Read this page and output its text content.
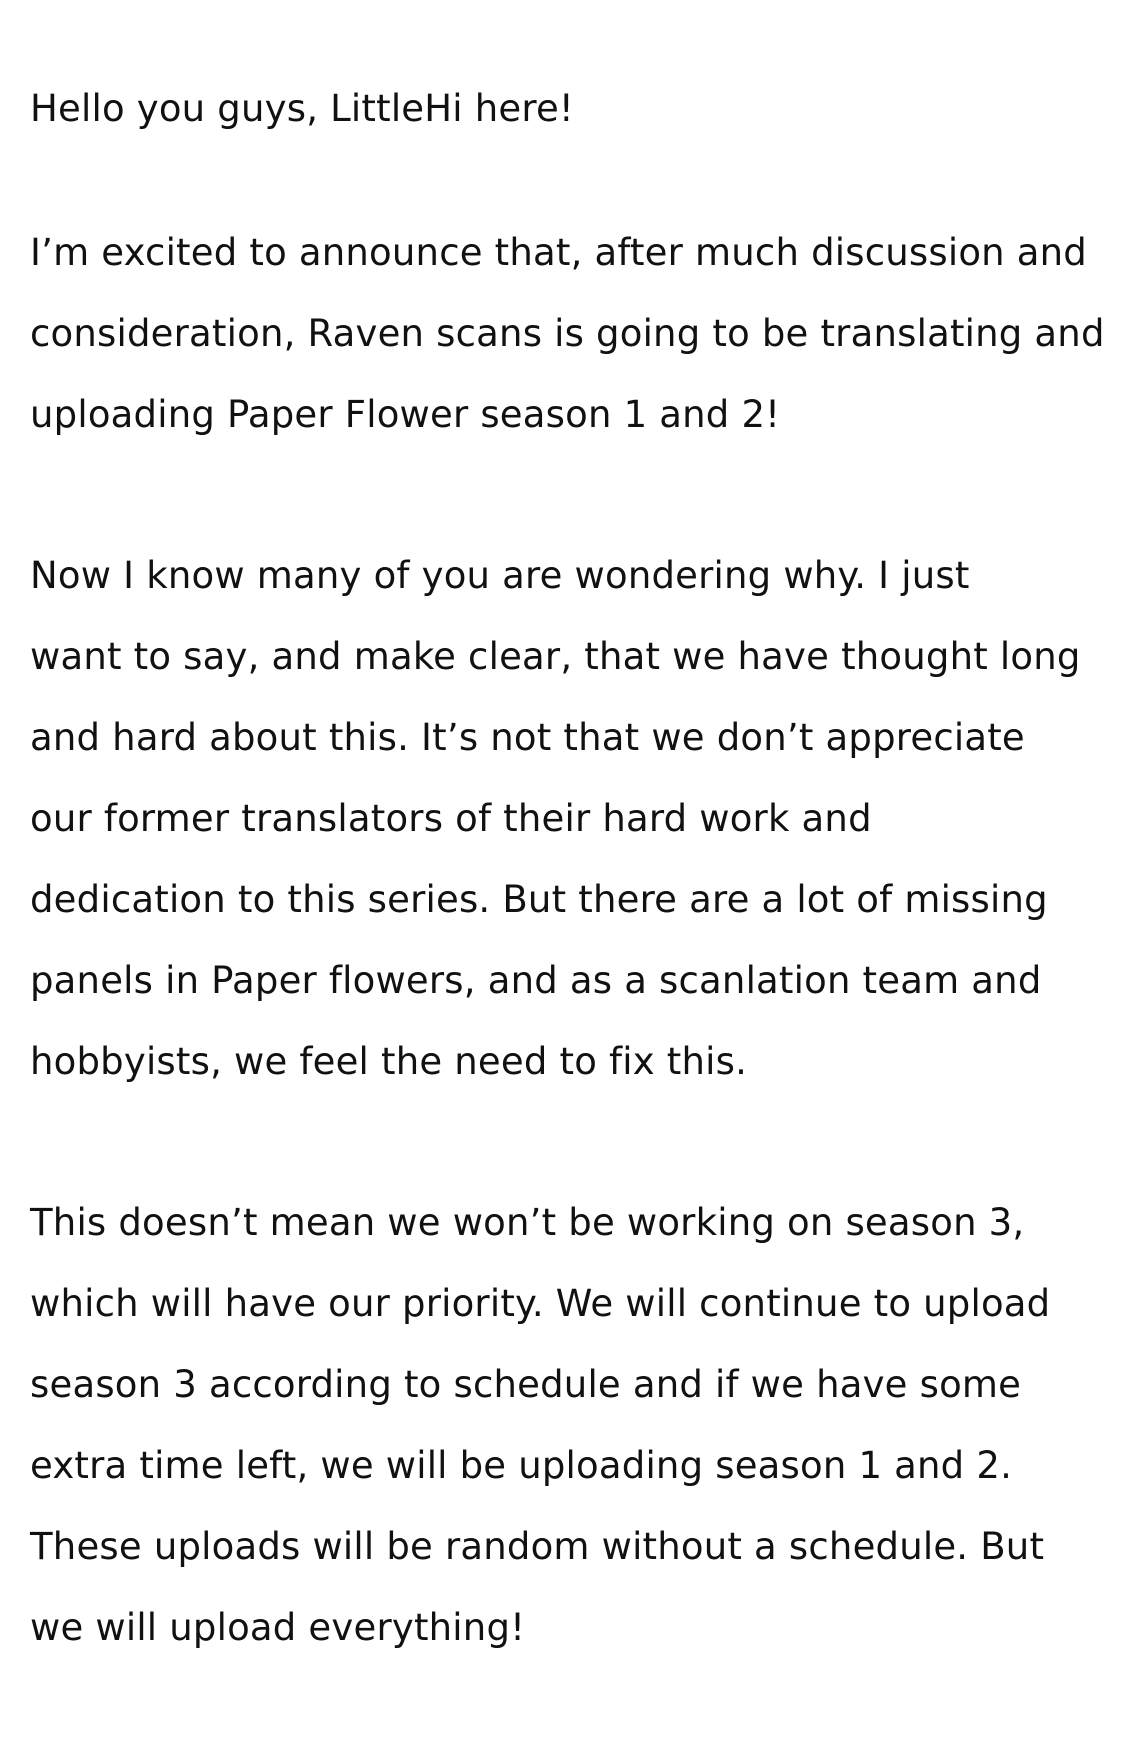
Hello you guys, LittleHi here!
I’m excited to announce that, after much discussion and
consideration, Raven scans is going to be translating and
uploading Paper Flower season 1 and 2!
Now I know many of you are wondering why. I just
want to say, and make clear, that we have thought long
and hard about this. It’s not that we don’t appreciate
our former translators of their hard work and
dedication to this series. But there are a lot of missing
panels in Paper flowers, and as a scanlation team and
hobbyists, we feel the need to fix this.
This doesn’t mean we won’t be working on season 3,
which will have our priority. We will continue to upload
season 3 according to schedule and if we have some
extra time left, we will be uploading season 1 and 2.
These uploads will be random without a schedule. But
we will upload everything!
